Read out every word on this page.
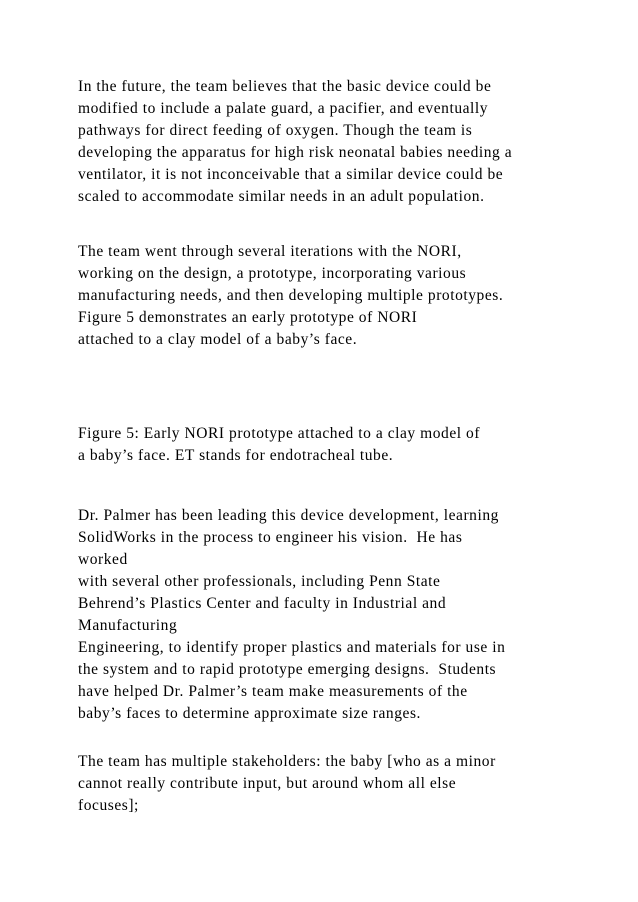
In the future, the team believes that the basic device could be
modified to include a palate guard, a pacifier, and eventually
pathways for direct feeding of oxygen. Though the team is
developing the apparatus for high risk neonatal babies needing a
ventilator, it is not inconceivable that a similar device could be
scaled to accommodate similar needs in an adult population.

The team went through several iterations with the NORI,
working on the design, a prototype, incorporating various
manufacturing needs, and then developing multiple prototypes.
Figure 5 demonstrates an early prototype of NORI
attached to a clay model of a baby’s face.

Figure 5: Early NORI prototype attached to a clay model of
a baby’s face. ET stands for endotracheal tube.

Dr. Palmer has been leading this device development, learning
SolidWorks in the process to engineer his vision.  He has
worked
with several other professionals, including Penn State
Behrend’s Plastics Center and faculty in Industrial and
Manufacturing
Engineering, to identify proper plastics and materials for use in
the system and to rapid prototype emerging designs.  Students
have helped Dr. Palmer’s team make measurements of the
baby’s faces to determine approximate size ranges.

The team has multiple stakeholders: the baby [who as a minor
cannot really contribute input, but around whom all else
focuses];
